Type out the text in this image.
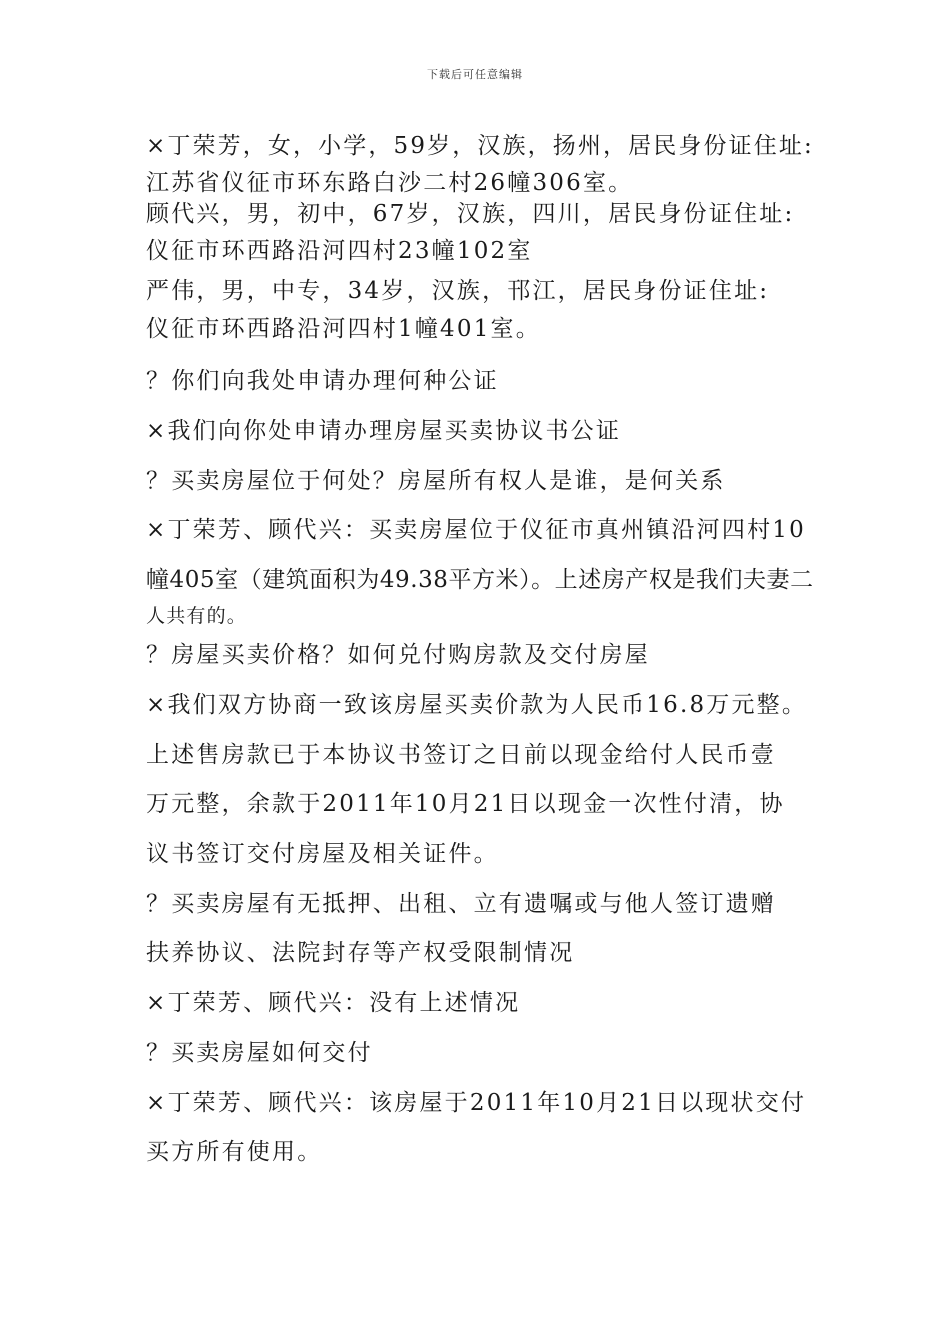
下载后可任意编辑
×丁荣芳，女，小学，59岁，汉族，扬州，居民身份证住址:
江苏省仪征市环东路白沙二村26幢306室。
顾代兴，男，初中，67岁，汉族，四川，居民身份证住址:
仪征市环西路沿河四村23幢102室
严伟，男，中专，34岁，汉族，邗江，居民身份证住址:
仪征市环西路沿河四村1幢401室。
？你们向我处申请办理何种公证
×我们向你处申请办理房屋买卖协议书公证
？买卖房屋位于何处？房屋所有权人是谁，是何关系
×丁荣芳、顾代兴：买卖房屋位于仪征市真州镇沿河四村10
幢405室（建筑面积为49.38平方米）。上述房产权是我们夫妻二
人共有的。
？房屋买卖价格？如何兑付购房款及交付房屋
×我们双方协商一致该房屋买卖价款为人民币16.8万元整。
上述售房款已于本协议书签订之日前以现金给付人民币壹
万元整，余款于2011年10月21日以现金一次性付清，协
议书签订交付房屋及相关证件。
？买卖房屋有无抵押、出租、立有遗嘱或与他人签订遗赠
扶养协议、法院封存等产权受限制情况
×丁荣芳、顾代兴：没有上述情况
？买卖房屋如何交付
×丁荣芳、顾代兴：该房屋于2011年10月21日以现状交付
买方所有使用。
